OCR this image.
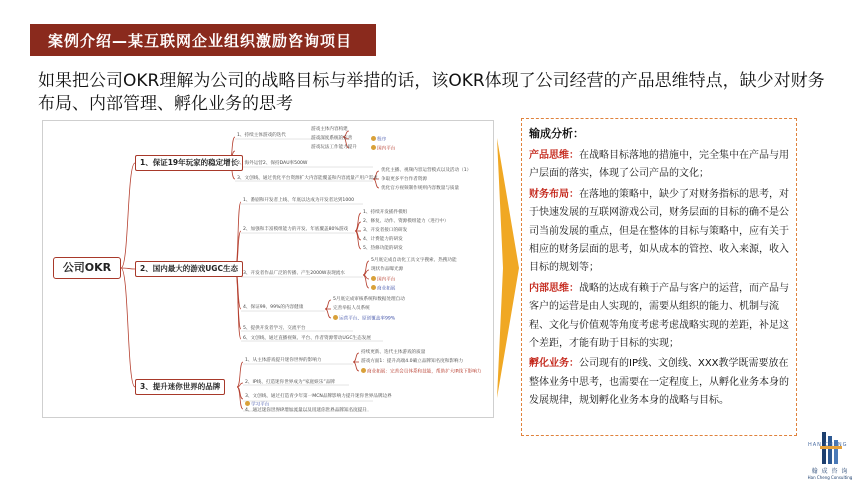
案例介绍—某互联网企业组织激励咨询项目
如果把公司OKR理解为公司的战略目标与举措的话，该OKR体现了公司经营的产品思维特点，缺少对财务布局、内部管理、孵化业务的思考
公司OKR
1、保证19年玩家的稳定增长
2、国内最大的游戏UGC生态
3、提升迷你世界的品牌
1、持续主体游戏的迭代
游戏主体内容构建
游戏深度系统的完善	程序
游戏玩法工作能力提升	国内平台
2、海外运营2、保持DAU率500W
3、文创线、通过优化平台资源扩大内容能覆盖和内容流量产用户需求
优化主播、视频内容运营模式以及活动（1）
争取更多平台作者资源
优化官方视频制作规则内容数量与质量
1、番剧和开发者上线、年底以达成为开发者达到1000
2、加强和丰富模组能力的开发、年底覆盖80%游戏
1、持续开发插件模组
2、修复、动作、资源模组能力（进行中）
3、开发者接口的研发
4、计费能力的研发
5、热修功能的研发
3、开发者作品广泛的传播、产生2000W表现流水
5月底完成自动化工具文字搜索、热搜功能
现状作品曝光源
国内平台
商业拓展
4、保证99、99%的内容健康
5月底完成审核系统和数据处理自动
完善举报人员系统
运营平台、原创覆盖率99%
5、提供开发者学习、交流平台
6、文创线、通过直播视频、平台、作者资源带动UGC生态发展
1、从主体游戏提升迷你世界的影响力
持续更新、迭代主体游戏的质量
游戏方面1：提升高端4.0确立品牌知名度和影响力
2、IP线、打造迷你世界成为“家庭娱乐”品牌
商业拓展：完善会员体系和技能，帮助扩大IP线下影响力
3、文创线、通过打造青少年第一MCN品牌影响力提升迷你世界品牌边界
学习平台
4、通过迷你世界IP增加流量以及用迷你世界品牌知名度提升
输成分析：

产品思维：在战略目标落地的措施中，完全集中在产品与用户层面的落实，体现了公司产品的文化；

财务布局：在落地的策略中，缺少了对财务指标的思考，对于快速发展的互联网游戏公司，财务层面的目标的确不是公司当前发展的重点，但是在整体的目标与策略中，应有关于相应的财务层面的思考，如从成本的管控、收入来源，收入目标的规划等；

内部思维：战略的达成有赖于产品与客户的运营，而产品与客户的运营是由人实现的，需要从组织的能力、机制与流程、文化与价值观等角度考虑考虑战略实现的差距，补足这个差距，才能有助于目标的实现；

孵化业务：公司现有的IP线、文创线、XXX教学既需要放在整体业务中思考，也需要在一定程度上，从孵化业务本身的发展规律，规划孵化业务本身的战略与目标。

HAN CHENG
翰 成 咨 询
Han Cheng Consulting
